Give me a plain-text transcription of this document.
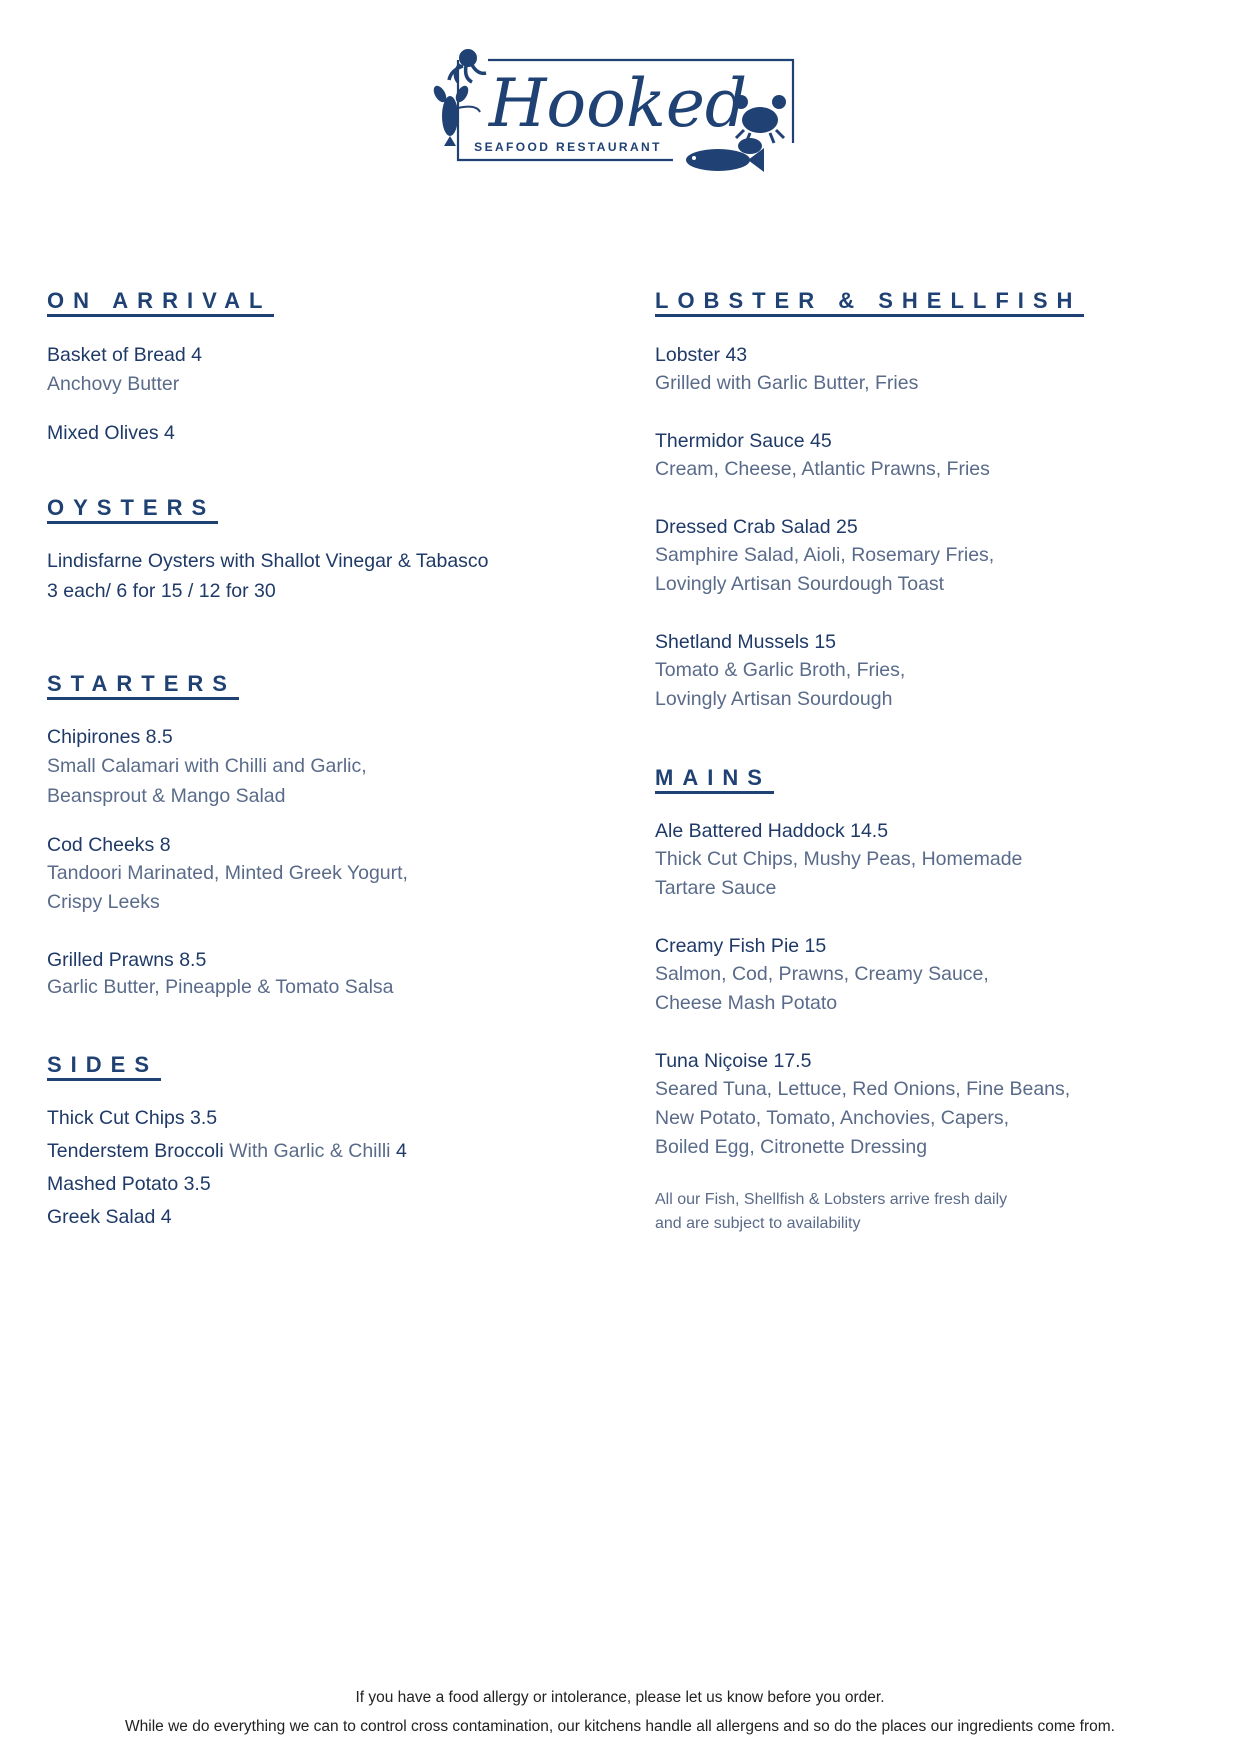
Hooked
SEAFOOD RESTAURANT
ON ARRIVAL
Basket of Bread 4
Anchovy Butter
Mixed Olives 4
OYSTERS
Lindisfarne Oysters with Shallot Vinegar & Tabasco
3 each/ 6 for 15 / 12 for 30
STARTERS
Chipirones 8.5
Small Calamari with Chilli and Garlic,
Beansprout & Mango Salad
Cod Cheeks 8
Tandoori Marinated, Minted Greek Yogurt,
Crispy Leeks
Grilled Prawns 8.5
Garlic Butter, Pineapple & Tomato Salsa
SIDES
Thick Cut Chips 3.5
Tenderstem Broccoli With Garlic & Chilli 4
Mashed Potato 3.5
Greek Salad 4
LOBSTER & SHELLFISH
Lobster 43
Grilled with Garlic Butter, Fries
Thermidor Sauce 45
Cream, Cheese, Atlantic Prawns, Fries
Dressed Crab Salad 25
Samphire Salad, Aioli, Rosemary Fries,
Lovingly Artisan Sourdough Toast
Shetland Mussels 15
Tomato & Garlic Broth, Fries,
Lovingly Artisan Sourdough
MAINS
Ale Battered Haddock 14.5
Thick Cut Chips, Mushy Peas, Homemade
Tartare Sauce
Creamy Fish Pie 15
Salmon, Cod, Prawns, Creamy Sauce,
Cheese Mash Potato
Tuna Niçoise 17.5
Seared Tuna, Lettuce, Red Onions, Fine Beans,
New Potato, Tomato, Anchovies, Capers,
Boiled Egg, Citronette Dressing
All our Fish, Shellfish & Lobsters arrive fresh daily
and are subject to availability
If you have a food allergy or intolerance, please let us know before you order.
While we do everything we can to control cross contamination, our kitchens handle all allergens and so do the places our ingredients come from.
